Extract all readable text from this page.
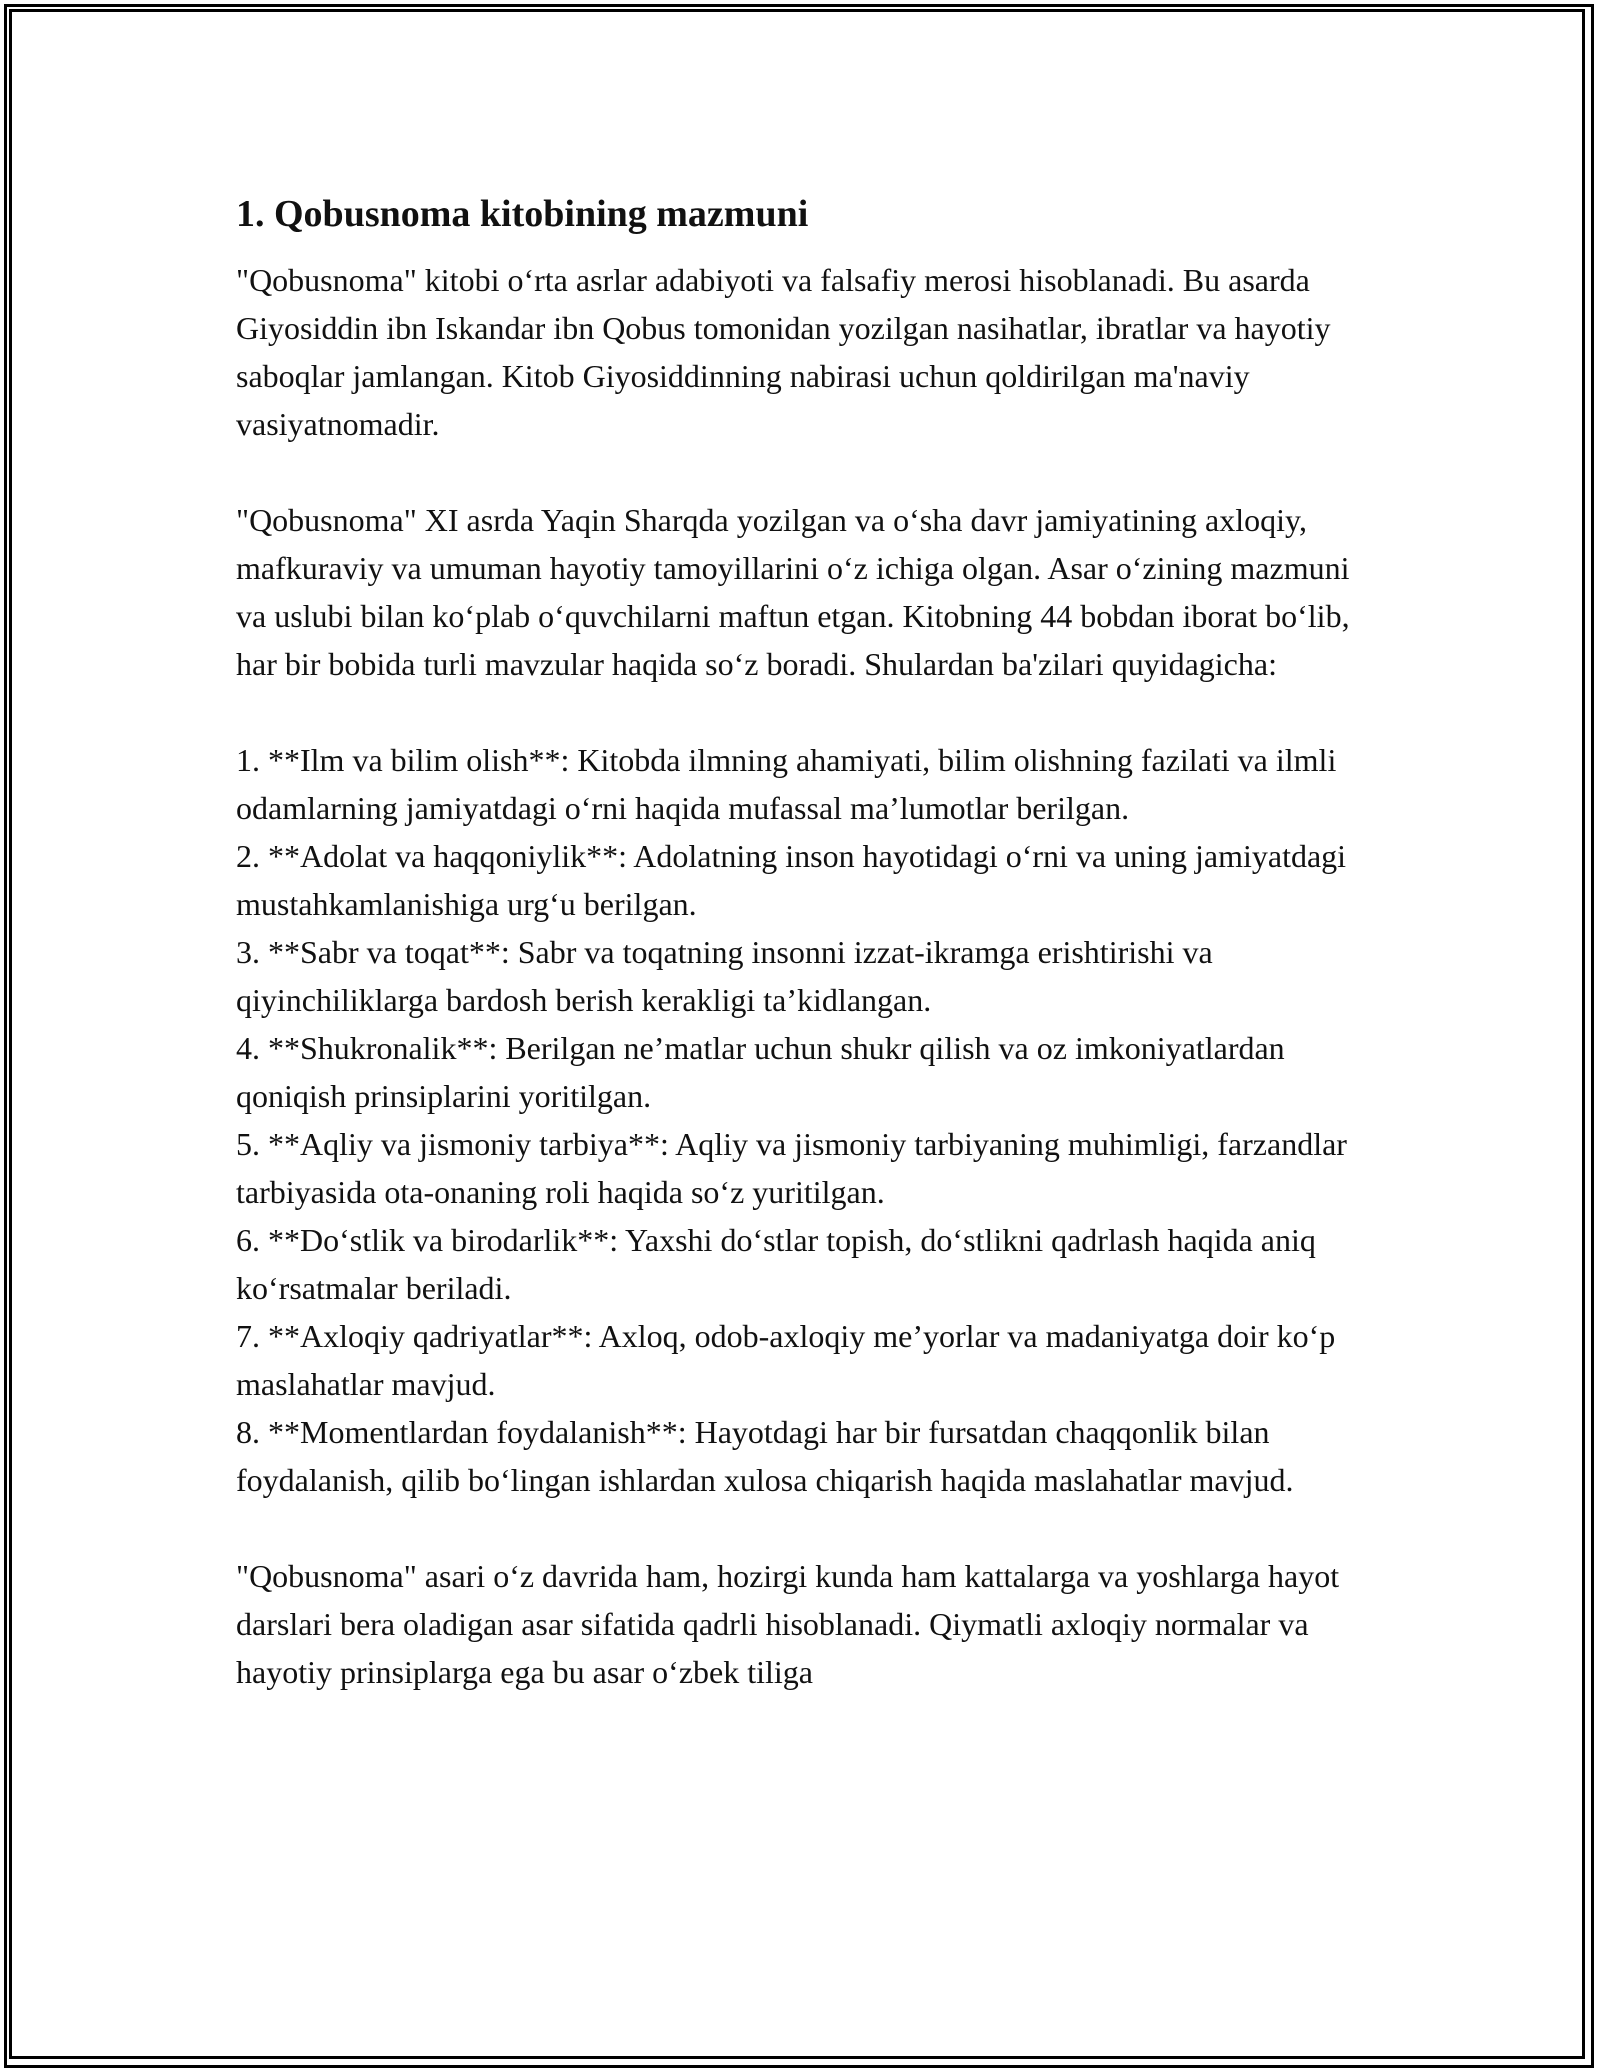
1. Qobusnoma kitobining mazmuni

"Qobusnoma" kitobi o‘rta asrlar adabiyoti va falsafiy merosi hisoblanadi. Bu asarda Giyosiddin ibn Iskandar ibn Qobus tomonidan yozilgan nasihatlar, ibratlar va hayotiy saboqlar jamlangan. Kitob Giyosiddinning nabirasi uchun qoldirilgan ma'naviy vasiyatnomadir.

"Qobusnoma" XI asrda Yaqin Sharqda yozilgan va o‘sha davr jamiyatining axloqiy, mafkuraviy va umuman hayotiy tamoyillarini o‘z ichiga olgan. Asar o‘zining mazmuni va uslubi bilan ko‘plab o‘quvchilarni maftun etgan. Kitobning 44 bobdan iborat bo‘lib, har bir bobida turli mavzular haqida so‘z boradi. Shulardan ba'zilari quyidagicha:

1. **Ilm va bilim olish**: Kitobda ilmning ahamiyati, bilim olishning fazilati va ilmli odamlarning jamiyatdagi o‘rni haqida mufassal ma’lumotlar berilgan.

2. **Adolat va haqqoniylik**: Adolatning inson hayotidagi o‘rni va uning jamiyatdagi mustahkamlanishiga urg‘u berilgan.

3. **Sabr va toqat**: Sabr va toqatning insonni izzat-ikramga erishtirishi va qiyinchiliklarga bardosh berish kerakligi ta’kidlangan.

4. **Shukronalik**: Berilgan ne’matlar uchun shukr qilish va oz imkoniyatlardan qoniqish prinsiplarini yoritilgan.

5. **Aqliy va jismoniy tarbiya**: Aqliy va jismoniy tarbiyaning muhimligi, farzandlar tarbiyasida ota-onaning roli haqida so‘z yuritilgan.

6. **Do‘stlik va birodarlik**: Yaxshi do‘stlar topish, do‘stlikni qadrlash haqida aniq ko‘rsatmalar beriladi.

7. **Axloqiy qadriyatlar**: Axloq, odob-axloqiy me’yorlar va madaniyatga doir ko‘p maslahatlar mavjud.

8. **Momentlardan foydalanish**: Hayotdagi har bir fursatdan chaqqonlik bilan foydalanish, qilib bo‘lingan ishlardan xulosa chiqarish haqida maslahatlar mavjud.

"Qobusnoma" asari o‘z davrida ham, hozirgi kunda ham kattalarga va yoshlarga hayot darslari bera oladigan asar sifatida qadrli hisoblanadi. Qiymatli axloqiy normalar va hayotiy prinsiplarga ega bu asar o‘zbek tiliga
